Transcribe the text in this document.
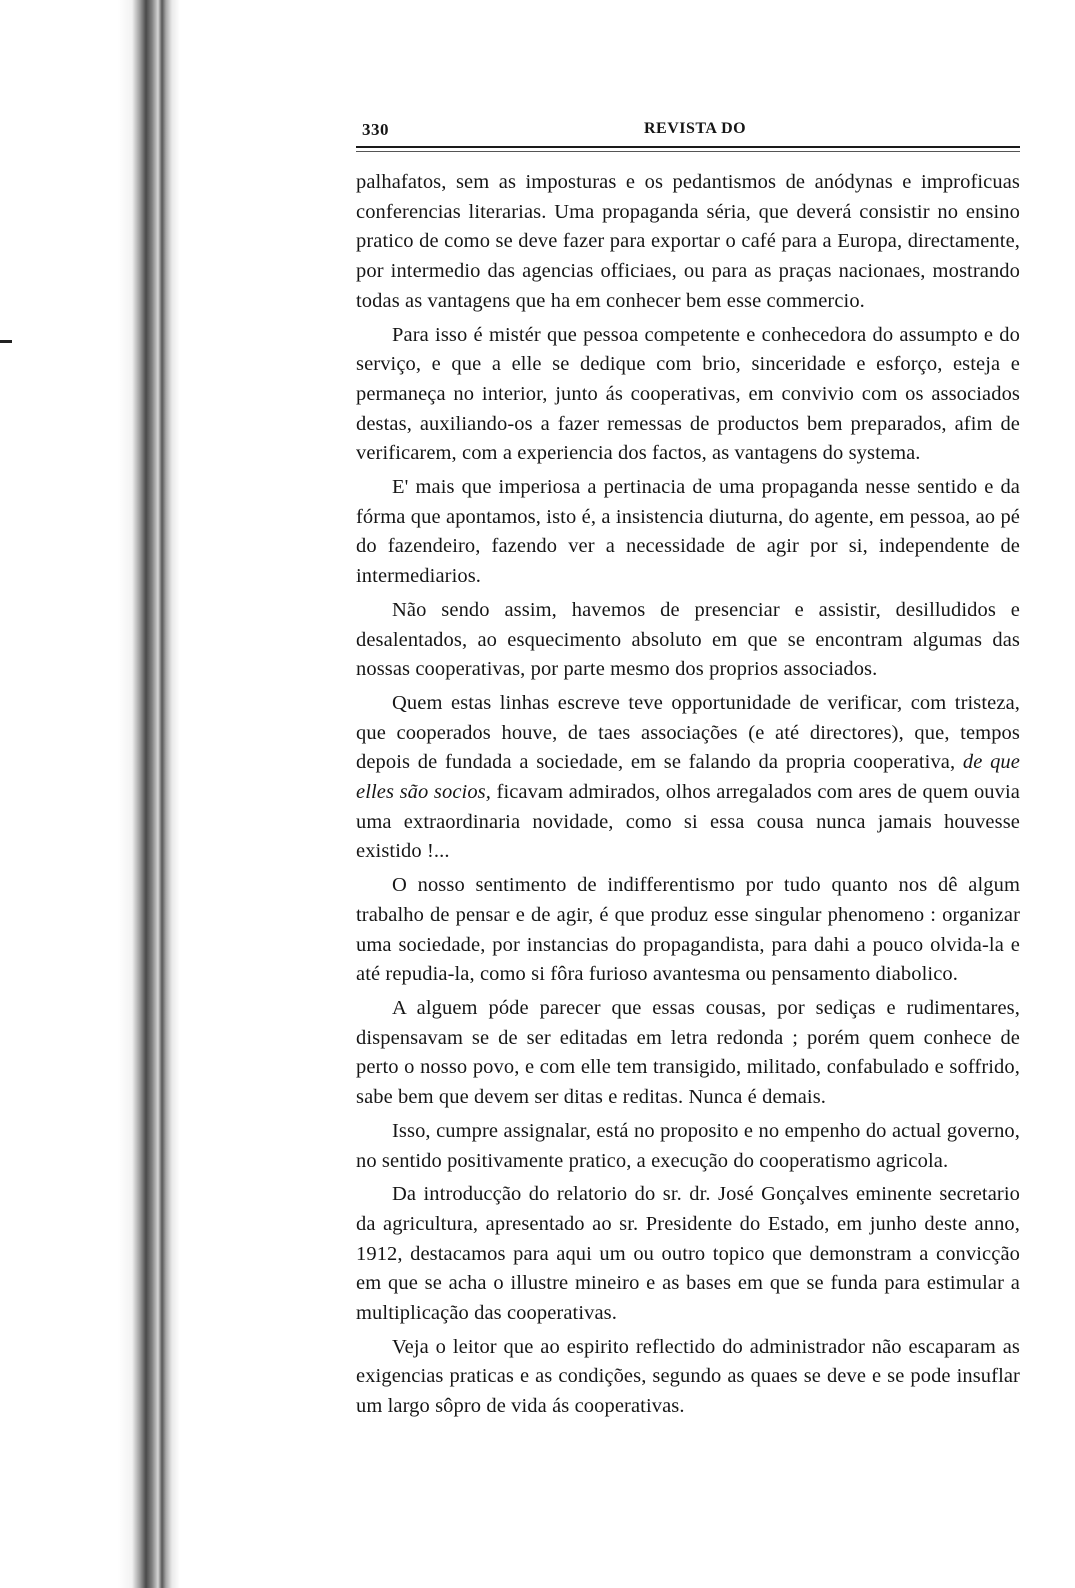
330	REVISTA DO

palhafatos, sem as imposturas e os pedantismos de anódynas e improficuas conferencias literarias. Uma propaganda séria, que deverá consistir no ensino pratico de como se deve fazer para exportar o café para a Europa, directamente, por intermedio das agencias officiaes, ou para as praças nacionaes, mostrando todas as vantagens que ha em conhecer bem esse commercio.

Para isso é mistér que pessoa competente e conhecedora do assumpto e do serviço, e que a elle se dedique com brio, sinceridade e esforço, esteja e permaneça no interior, junto ás cooperativas, em convivio com os associados destas, auxiliando-os a fazer remessas de productos bem preparados, afim de verificarem, com a experiencia dos factos, as vantagens do systema.

E' mais que imperiosa a pertinacia de uma propaganda nesse sentido e da fórma que apontamos, isto é, a insistencia diuturna, do agente, em pessoa, ao pé do fazendeiro, fazendo ver a necessidade de agir por si, independente de intermediarios.

Não sendo assim, havemos de presenciar e assistir, desilludidos e desalentados, ao esquecimento absoluto em que se encontram algumas das nossas cooperativas, por parte mesmo dos proprios associados.

Quem estas linhas escreve teve opportunidade de verificar, com tristeza, que cooperados houve, de taes associações (e até directores), que, tempos depois de fundada a sociedade, em se falando da propria cooperativa, de que elles são socios, ficavam admirados, olhos arregalados com ares de quem ouvia uma extraordinaria novidade, como si essa cousa nunca jamais houvesse existido !...

O nosso sentimento de indifferentismo por tudo quanto nos dê algum trabalho de pensar e de agir, é que produz esse singular phenomeno : organizar uma sociedade, por instancias do propagandista, para dahi a pouco olvida-la e até repudia-la, como si fôra furioso avantesma ou pensamento diabolico.

A alguem póde parecer que essas cousas, por sediças e rudimentares, dispensavam se de ser editadas em letra redonda ; porém quem conhece de perto o nosso povo, e com elle tem transigido, militado, confabulado e soffrido, sabe bem que devem ser ditas e reditas. Nunca é demais.

Isso, cumpre assignalar, está no proposito e no empenho do actual governo, no sentido positivamente pratico, a execução do cooperatismo agricola.

Da introducção do relatorio do sr. dr. José Gonçalves eminente secretario da agricultura, apresentado ao sr. Presidente do Estado, em junho deste anno, 1912, destacamos para aqui um ou outro topico que demonstram a convicção em que se acha o illustre mineiro e as bases em que se funda para estimular a multiplicação das cooperativas.

Veja o leitor que ao espirito reflectido do administrador não escaparam as exigencias praticas e as condições, segundo as quaes se deve e se pode insuflar um largo sôpro de vida ás cooperativas.
